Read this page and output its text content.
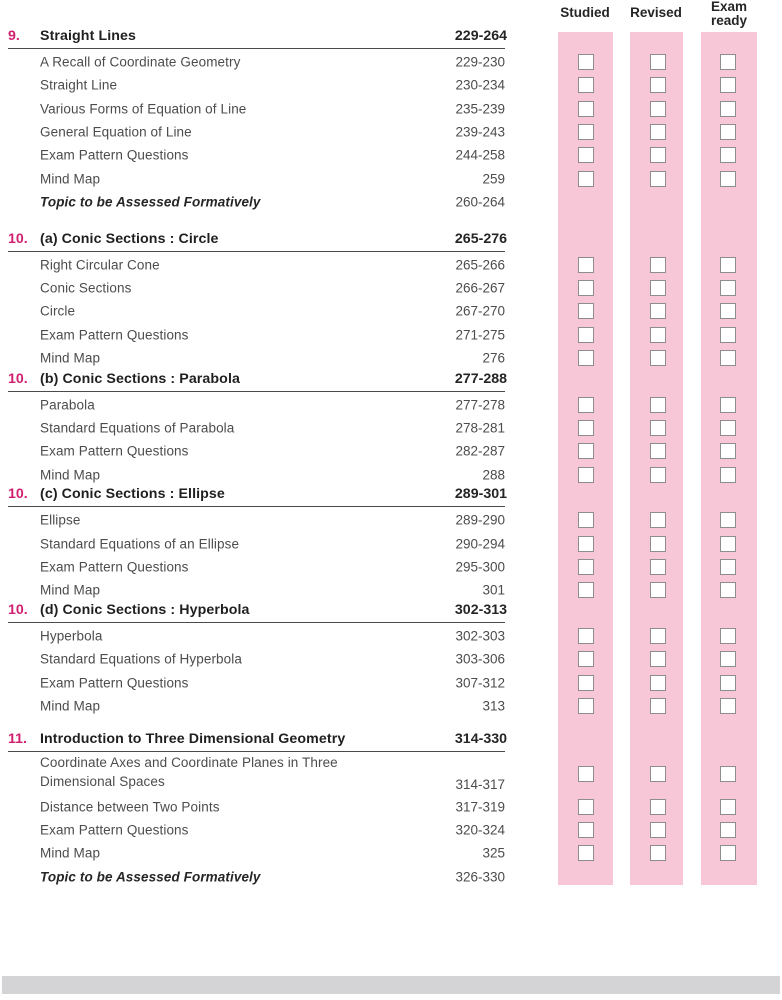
Studied	Revised	Exam ready
9. Straight Lines	229-264
A Recall of Coordinate Geometry	229-230
Straight Line	230-234
Various Forms of Equation of Line	235-239
General Equation of Line	239-243
Exam Pattern Questions	244-258
Mind Map	259
Topic to be Assessed Formatively	260-264
10. (a) Conic Sections : Circle	265-276
Right Circular Cone	265-266
Conic Sections	266-267
Circle	267-270
Exam Pattern Questions	271-275
Mind Map	276
10. (b) Conic Sections : Parabola	277-288
Parabola	277-278
Standard Equations of Parabola	278-281
Exam Pattern Questions	282-287
Mind Map	288
10. (c) Conic Sections : Ellipse	289-301
Ellipse	289-290
Standard Equations of an Ellipse	290-294
Exam Pattern Questions	295-300
Mind Map	301
10. (d) Conic Sections : Hyperbola	302-313
Hyperbola	302-303
Standard Equations of Hyperbola	303-306
Exam Pattern Questions	307-312
Mind Map	313
11. Introduction to Three Dimensional Geometry	314-330
Coordinate Axes and Coordinate Planes in Three Dimensional Spaces	314-317
Distance between Two Points	317-319
Exam Pattern Questions	320-324
Mind Map	325
Topic to be Assessed Formatively	326-330
